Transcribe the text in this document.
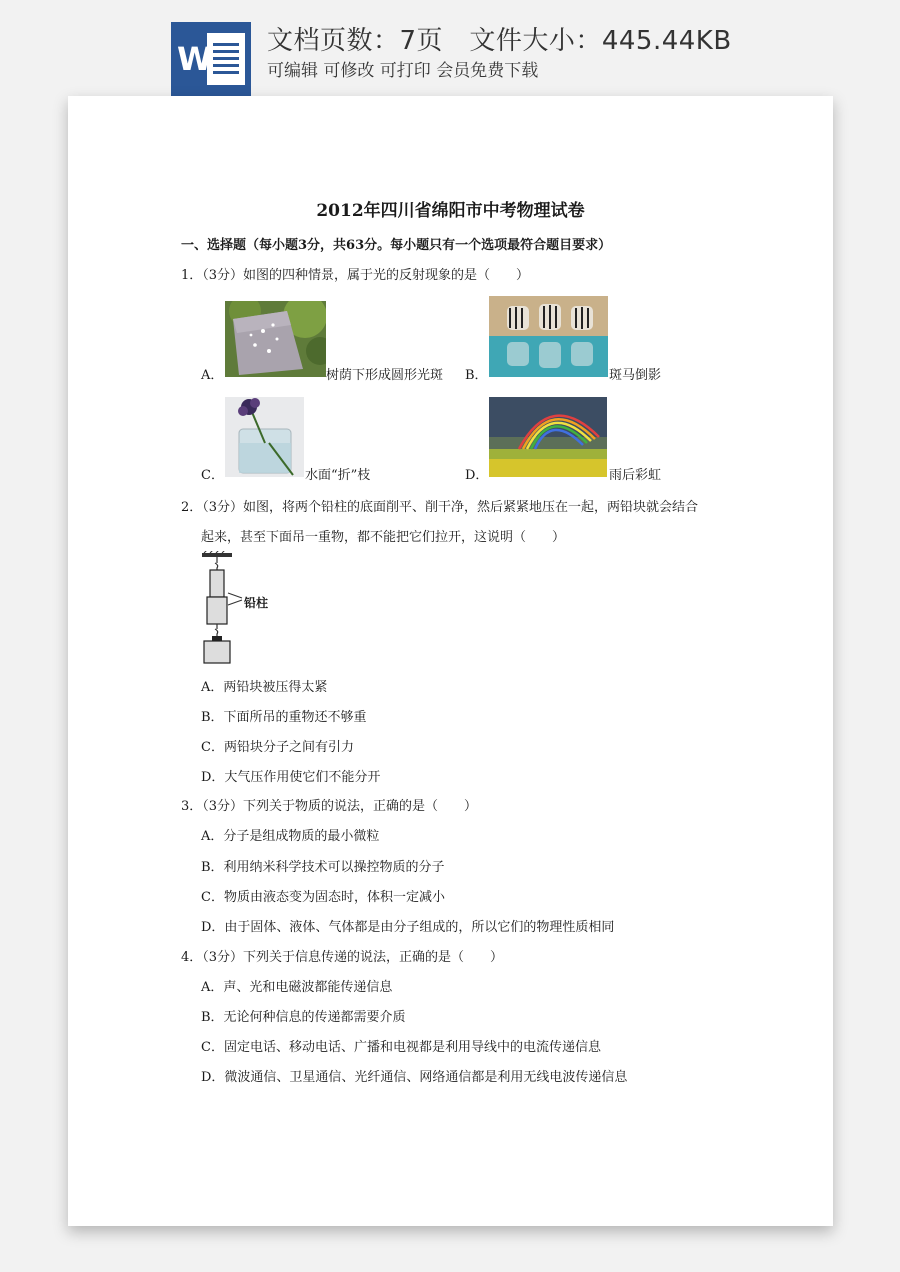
W 文档页数：7页   文件大小：445.44KB
可编辑 可修改 可打印 会员免费下载
2012年四川省绵阳市中考物理试卷
一、选择题（每小题3分，共63分。每小题只有一个选项最符合题目要求）
1．（3分）如图的四种情景，属于光的反射现象的是（　　）
A．	树荫下形成圆形光斑 B．	斑马倒影
C．	水面“折”枝	D．	雨后彩虹
2．（3分）如图，将两个铅柱的底面削平、削干净，然后紧紧地压在一起，两铅块就会结合
起来，甚至下面吊一重物，都不能把它们拉开，这说明（　　）
铅柱
A．两铅块被压得太紧
B．下面所吊的重物还不够重
C．两铅块分子之间有引力
D．大气压作用使它们不能分开
3．（3分）下列关于物质的说法，正确的是（　　）
A．分子是组成物质的最小微粒
B．利用纳米科学技术可以操控物质的分子
C．物质由液态变为固态时，体积一定减小
D．由于固体、液体、气体都是由分子组成的，所以它们的物理性质相同
4．（3分）下列关于信息传递的说法，正确的是（　　）
A．声、光和电磁波都能传递信息
B．无论何种信息的传递都需要介质
C．固定电话、移动电话、广播和电视都是利用导线中的电流传递信息
D．微波通信、卫星通信、光纤通信、网络通信都是利用无线电波传递信息
